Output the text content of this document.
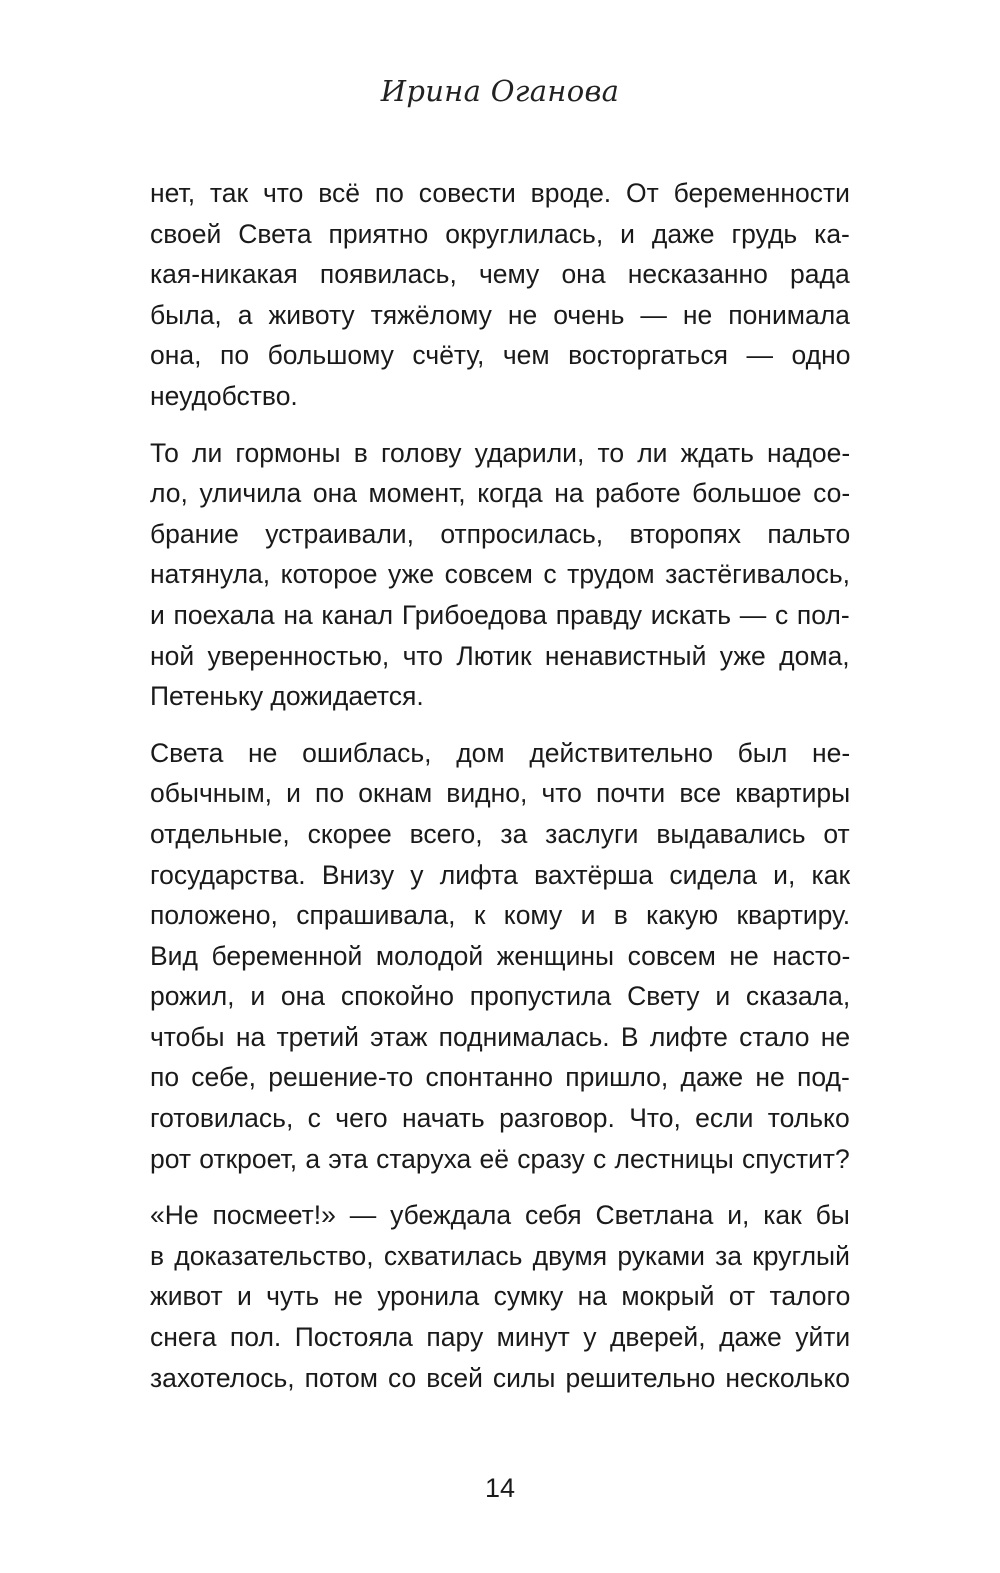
Ирина Оганова

нет, так что всё по совести вроде. От беременности
своей Света приятно округлилась, и даже грудь ка-
кая-никакая появилась, чему она несказанно рада
была, а животу тяжёлому не очень — не понимала
она, по большому счёту, чем восторгаться — одно
неудобство.

То ли гормоны в голову ударили, то ли ждать надое-
ло, уличила она момент, когда на работе большое со-
брание устраивали, отпросилась, второпях пальто
натянула, которое уже совсем с трудом застёгивалось,
и поехала на канал Грибоедова правду искать — с пол-
ной уверенностью, что Лютик ненавистный уже дома,
Петеньку дожидается.

Света не ошиблась, дом действительно был не-
обычным, и по окнам видно, что почти все квартиры
отдельные, скорее всего, за заслуги выдавались от
государства. Внизу у лифта вахтёрша сидела и, как
положено, спрашивала, к кому и в какую квартиру.
Вид беременной молодой женщины совсем не насто-
рожил, и она спокойно пропустила Свету и сказала,
чтобы на третий этаж поднималась. В лифте стало не
по себе, решение-то спонтанно пришло, даже не под-
готовилась, с чего начать разговор. Что, если только
рот откроет, а эта старуха её сразу с лестницы спустит?

«Не посмеет!» — убеждала себя Светлана и, как бы
в доказательство, схватилась двумя руками за круглый
живот и чуть не уронила сумку на мокрый от талого
снега пол. Постояла пару минут у дверей, даже уйти
захотелось, потом со всей силы решительно несколько

14
